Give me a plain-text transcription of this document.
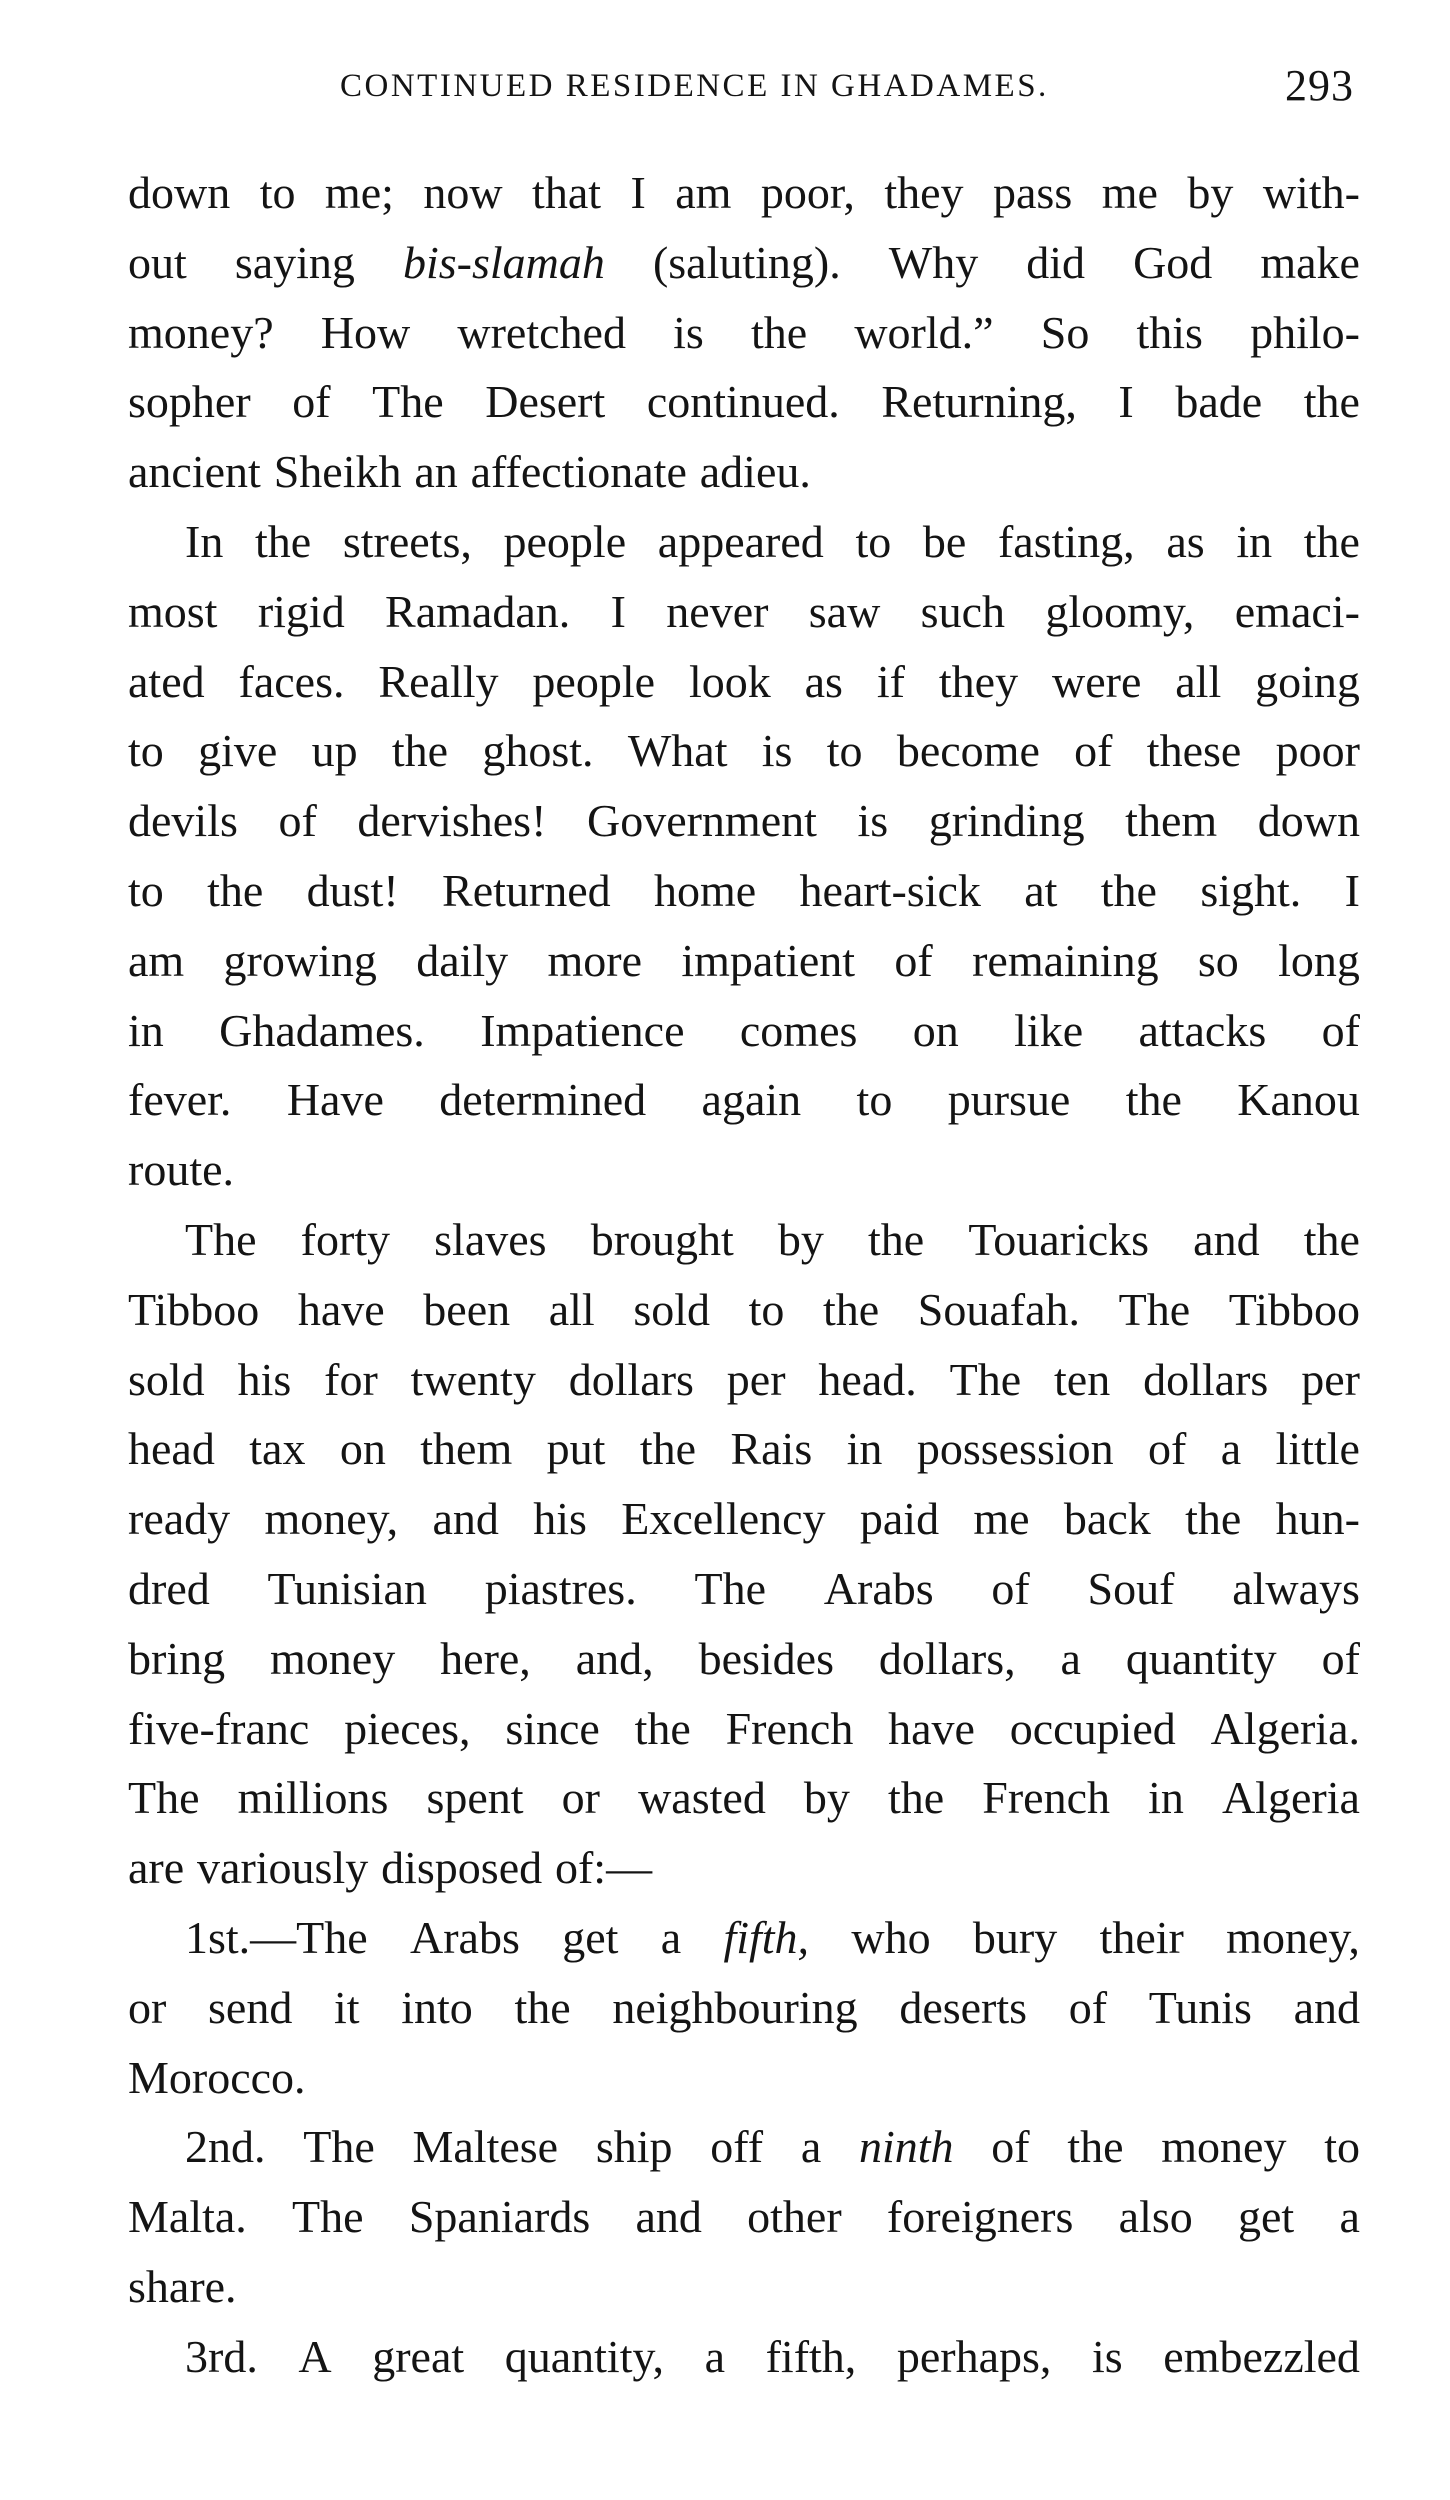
CONTINUED RESIDENCE IN GHADAMES.	293
down to me; now that I am poor, they pass me by with-
out saying bis-slamah (saluting). Why did God make
money? How wretched is the world.” So this philo-
sopher of The Desert continued. Returning, I bade the
ancient Sheikh an affectionate adieu.
In the streets, people appeared to be fasting, as in the
most rigid Ramadan. I never saw such gloomy, emaci-
ated faces. Really people look as if they were all going
to give up the ghost. What is to become of these poor
devils of dervishes! Government is grinding them down
to the dust! Returned home heart-sick at the sight. I
am growing daily more impatient of remaining so long
in Ghadames. Impatience comes on like attacks of
fever. Have determined again to pursue the Kanou
route.
The forty slaves brought by the Touaricks and the
Tibboo have been all sold to the Souafah. The Tibboo
sold his for twenty dollars per head. The ten dollars per
head tax on them put the Rais in possession of a little
ready money, and his Excellency paid me back the hun-
dred Tunisian piastres. The Arabs of Souf always
bring money here, and, besides dollars, a quantity of
five-franc pieces, since the French have occupied Algeria.
The millions spent or wasted by the French in Algeria
are variously disposed of:—
1st.—The Arabs get a fifth, who bury their money,
or send it into the neighbouring deserts of Tunis and
Morocco.
2nd. The Maltese ship off a ninth of the money to
Malta. The Spaniards and other foreigners also get a
share.
3rd. A great quantity, a fifth, perhaps, is embezzled
